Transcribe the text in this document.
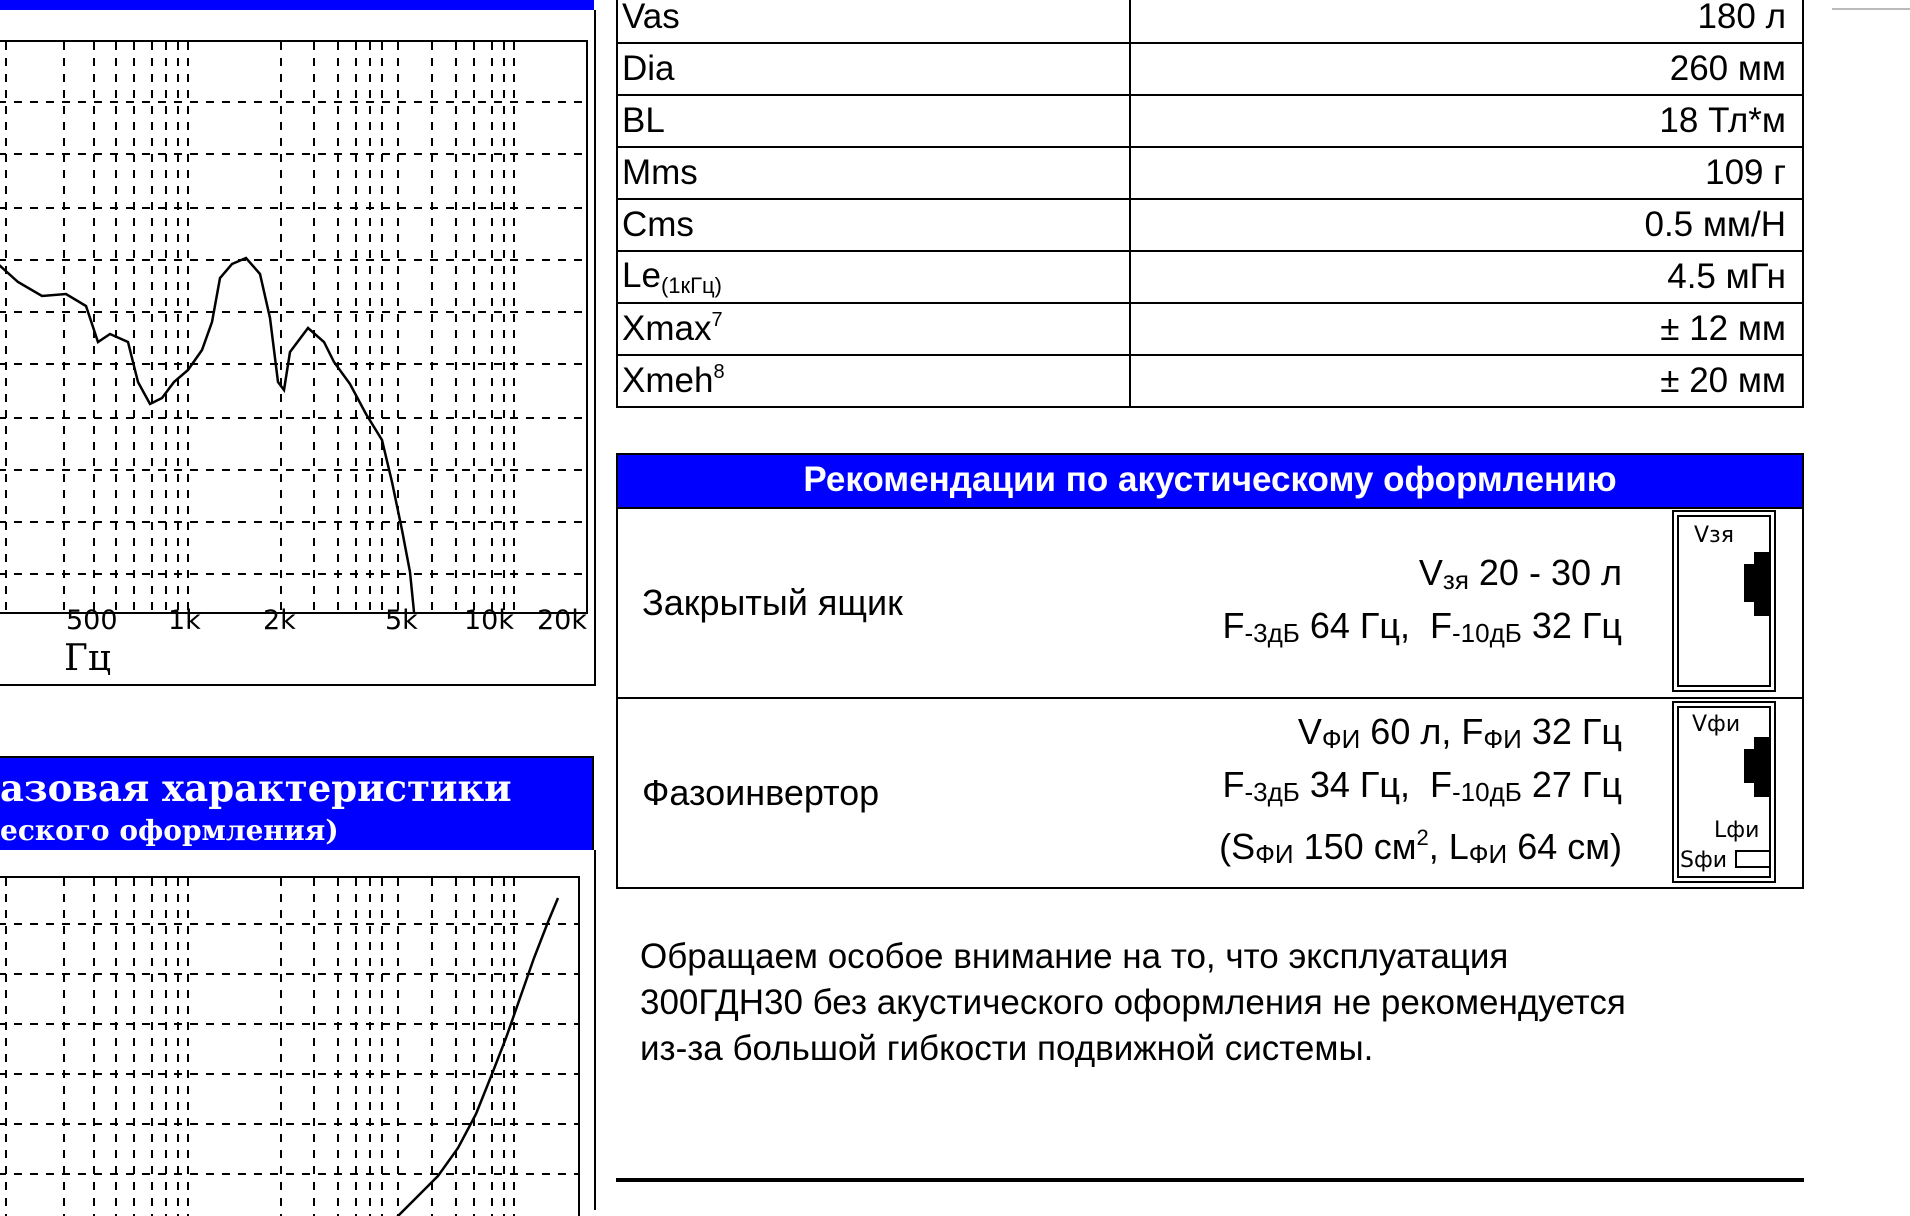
500 1k 2k	5k 10k 20k
Гц
азовая характеристики
еского оформления)
Vas	180 л
Dia	260 мм
BL	18 Тл*м
Mms	109 г
Cms	0.5 мм/Н
$Le_{(1кГц)}$	4.5 мГн
Xmax$^7$	± 12 мм
Xmeh$^8$	± 20 мм
Рекомендации по акустическому оформлению
Закрытый ящик
$V_{зя}$ 20 - 30 л
$F_{-3дБ}$ 64 Гц,  $F_{-10дБ}$ 32 Гц
Vзя
Фазоинвертор
$V_{ФИ}$ 60 л, $F_{ФИ}$ 32 Гц
$F_{-3дБ}$ 34 Гц,  $F_{-10дБ}$ 27 Гц
($S_{ФИ}$ 150 $см^2$, $L_{ФИ}$ 64 см)
Vфи
Lфи
Sфи
Обращаем особое внимание на то, что эксплуатация
300ГДН30 без акустического оформления не рекомендуется
из-за большой гибкости подвижной системы.
